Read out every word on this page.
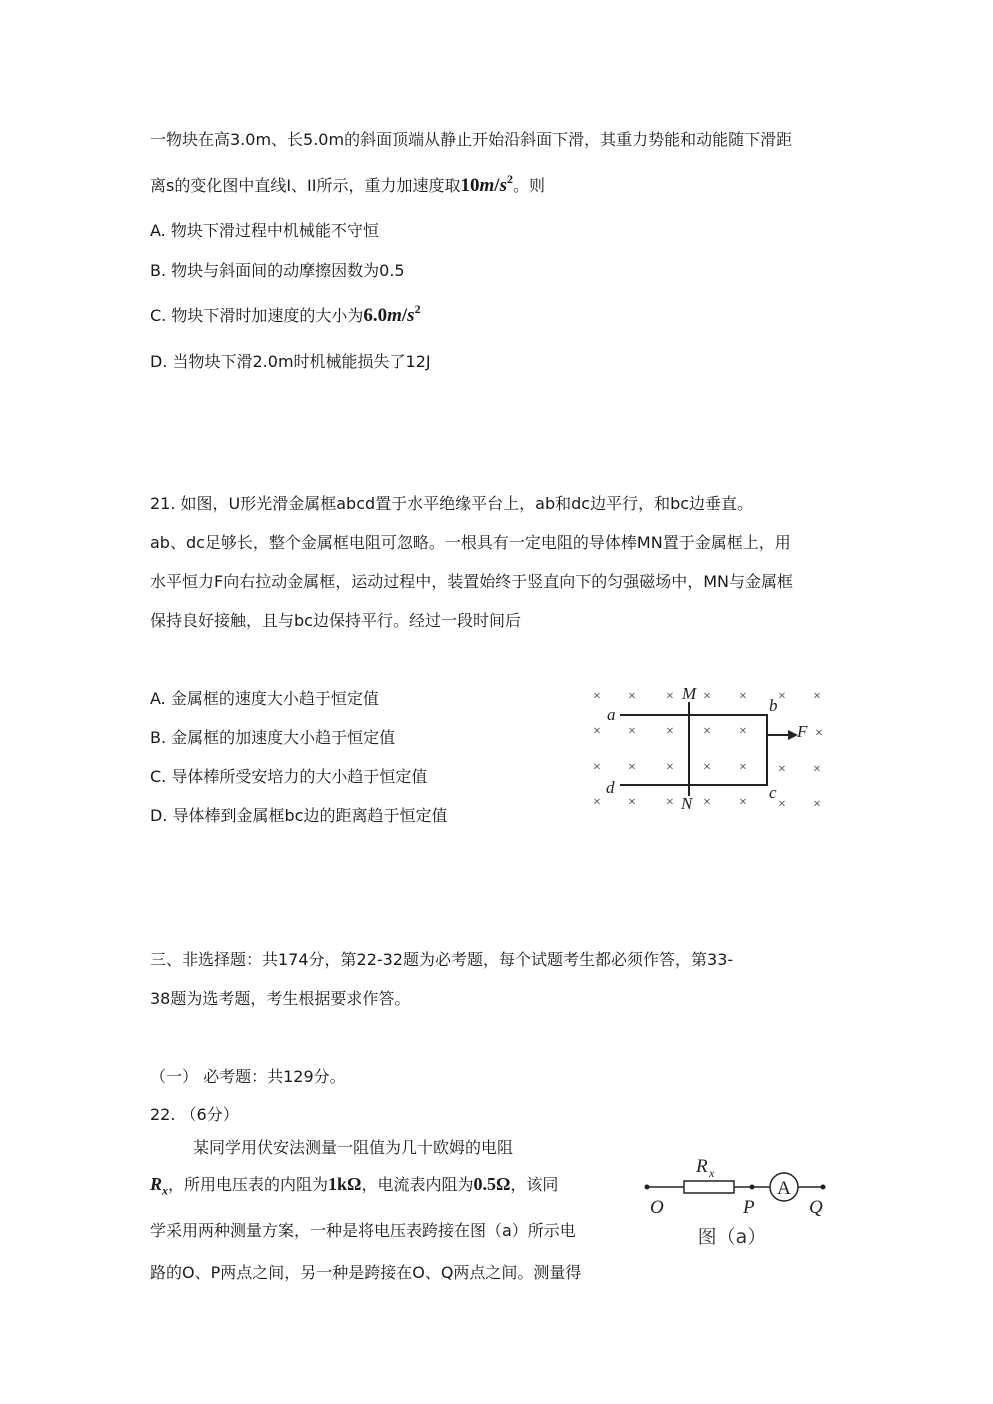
一物块在高3.0m、长5.0m的斜面顶端从静止开始沿斜面下滑，其重力势能和动能随下滑距
离s的变化图中直线I、II所示，重力加速度取$10m/s^2$。则
A. 物块下滑过程中机械能不守恒
B. 物块与斜面间的动摩擦因数为0.5
C. 物块下滑时加速度的大小为$6.0m/s^2$
D. 当物块下滑2.0m时机械能损失了12J
21. 如图，U形光滑金属框abcd置于水平绝缘平台上，ab和dc边平行，和bc边垂直。
ab、dc足够长，整个金属框电阻可忽略。一根具有一定电阻的导体棒MN置于金属框上，用
水平恒力F向右拉动金属框，运动过程中，装置始终于竖直向下的匀强磁场中，MN与金属框
保持良好接触，且与bc边保持平行。经过一段时间后
A. 金属框的速度大小趋于恒定值
B. 金属框的加速度大小趋于恒定值
C. 导体棒所受安培力的大小趋于恒定值
D. 导体棒到金属框bc边的距离趋于恒定值
× × × × × × ×
× × × × ×	×
× × × × × × ×
× × × × × × ×
M
a	b
F
d	c
N
三、非选择题：共174分，第22-32题为必考题，每个试题考生都必须作答，第33-
38题为选考题，考生根据要求作答。
（一） 必考题：共129分。
22. （6分）
某同学用伏安法测量一阻值为几十欧姆的电阻
$R_x$，所用电压表的内阻为1kΩ，电流表内阻为0.5Ω，该同
学采用两种测量方案，一种是将电压表跨接在图（a）所示电
路的O、P两点之间，另一种是跨接在O、Q两点之间。测量得
R x
O	P	Q
A
图（a）
